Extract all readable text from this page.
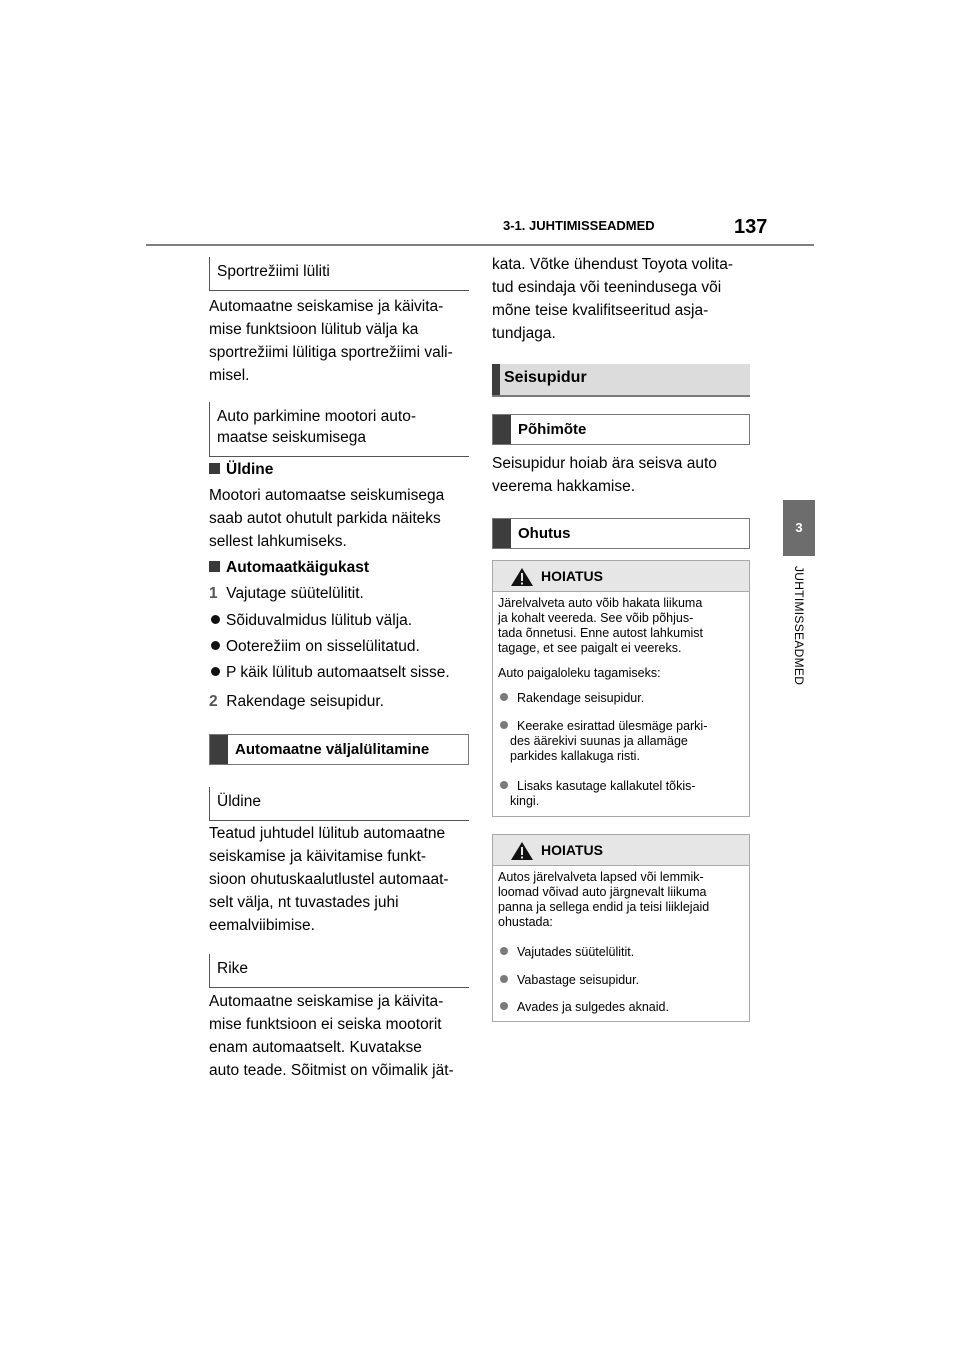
3-1. JUHTIMISSEADMED	137
3
JUHTIMISSEADMED
Sportrežiimi lüliti
Automaatne seiskamise ja käivita-
mise funktsioon lülitub välja ka
sportrežiimi lülitiga sportrežiimi vali-
misel.
Auto parkimine mootori auto-
maatse seiskumisega
Üldine
Mootori automaatse seiskumisega
saab autot ohutult parkida näiteks
sellest lahkumiseks.
Automaatkäigukast
1 Vajutage süütelülitit.
Sõiduvalmidus lülitub välja.
Ooterežiim on sisselülitatud.
P käik lülitub automaatselt sisse.
2 Rakendage seisupidur.
Automaatne väljalülitamine
Üldine
Teatud juhtudel lülitub automaatne
seiskamise ja käivitamise funkt-
sioon ohutuskaalutlustel automaat-
selt välja, nt tuvastades juhi
eemalviibimise.
Rike
Automaatne seiskamise ja käivita-
mise funktsioon ei seiska mootorit
enam automaatselt. Kuvatakse
auto teade. Sõitmist on võimalik jät-
kata. Võtke ühendust Toyota volita-
tud esindaja või teenindusega või
mõne teise kvalifitseeritud asja-
tundjaga.
Seisupidur
Põhimõte
Seisupidur hoiab ära seisva auto
veerema hakkamise.
Ohutus
HOIATUS
Järelvalveta auto võib hakata liikuma
ja kohalt veereda. See võib põhjus-
tada õnnetusi. Enne autost lahkumist
tagage, et see paigalt ei veereks.
Auto paigaloleku tagamiseks:
Rakendage seisupidur.
Keerake esirattad ülesmäge parki-
des äärekivi suunas ja allamäge
parkides kallakuga risti.
Lisaks kasutage kallakutel tõkis-
kingi.
HOIATUS
Autos järelvalveta lapsed või lemmik-
loomad võivad auto järgnevalt liikuma
panna ja sellega endid ja teisi liiklejaid
ohustada:
Vajutades süütelülitit.
Vabastage seisupidur.
Avades ja sulgedes aknaid.
